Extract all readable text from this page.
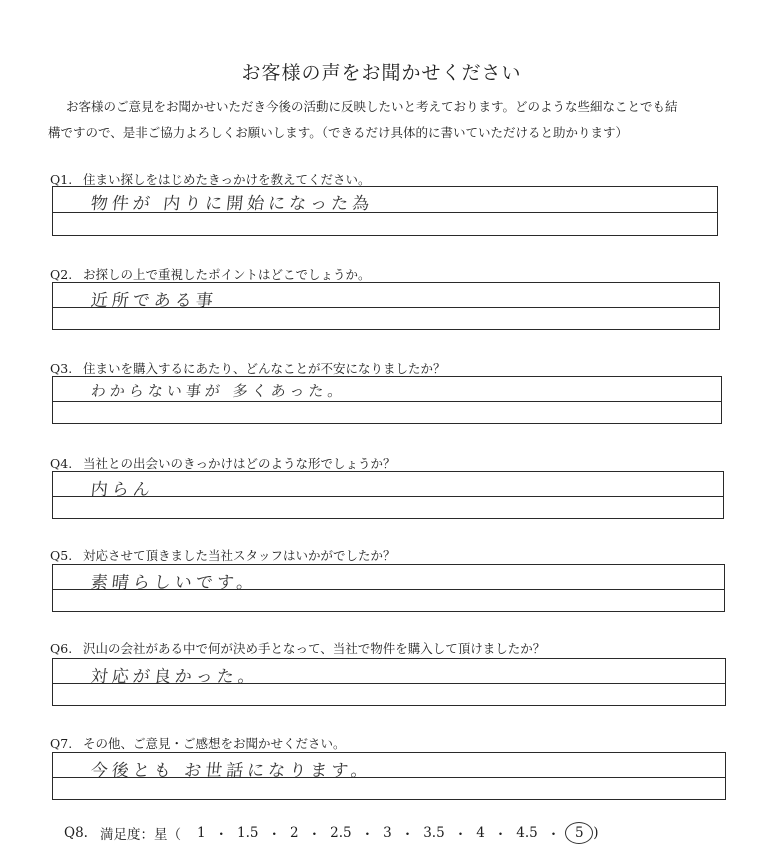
お客様の声をお聞かせください
お客様のご意見をお聞かせいただき今後の活動に反映したいと考えております。どのような些細なことでも結
構ですので、是非ご協力よろしくお願いします。（できるだけ具体的に書いていただけると助かります）
Q1. 住まい探しをはじめたきっかけを教えてください。
物件が 内りに開始になった為
Q2. お探しの上で重視したポイントはどこでしょうか。
近所である事
Q3. 住まいを購入するにあたり、どんなことが不安になりましたか？
わからない事が 多くあった。
Q4. 当社との出会いのきっかけはどのような形でしょうか？
内らん
Q5. 対応させて頂きました当社スタッフはいかがでしたか？
素晴らしいです。
Q6. 沢山の会社がある中で何が決め手となって、当社で物件を購入して頂けましたか？
対応が良かった。
Q7. その他、ご意見・ご感想をお聞かせください。
今後とも お世話になります。
Q8. 満足度：星（ 1 ・ 1.5 ・ 2 ・ 2.5 ・ 3 ・ 3.5 ・ 4 ・ 4.5 ・	5 )
